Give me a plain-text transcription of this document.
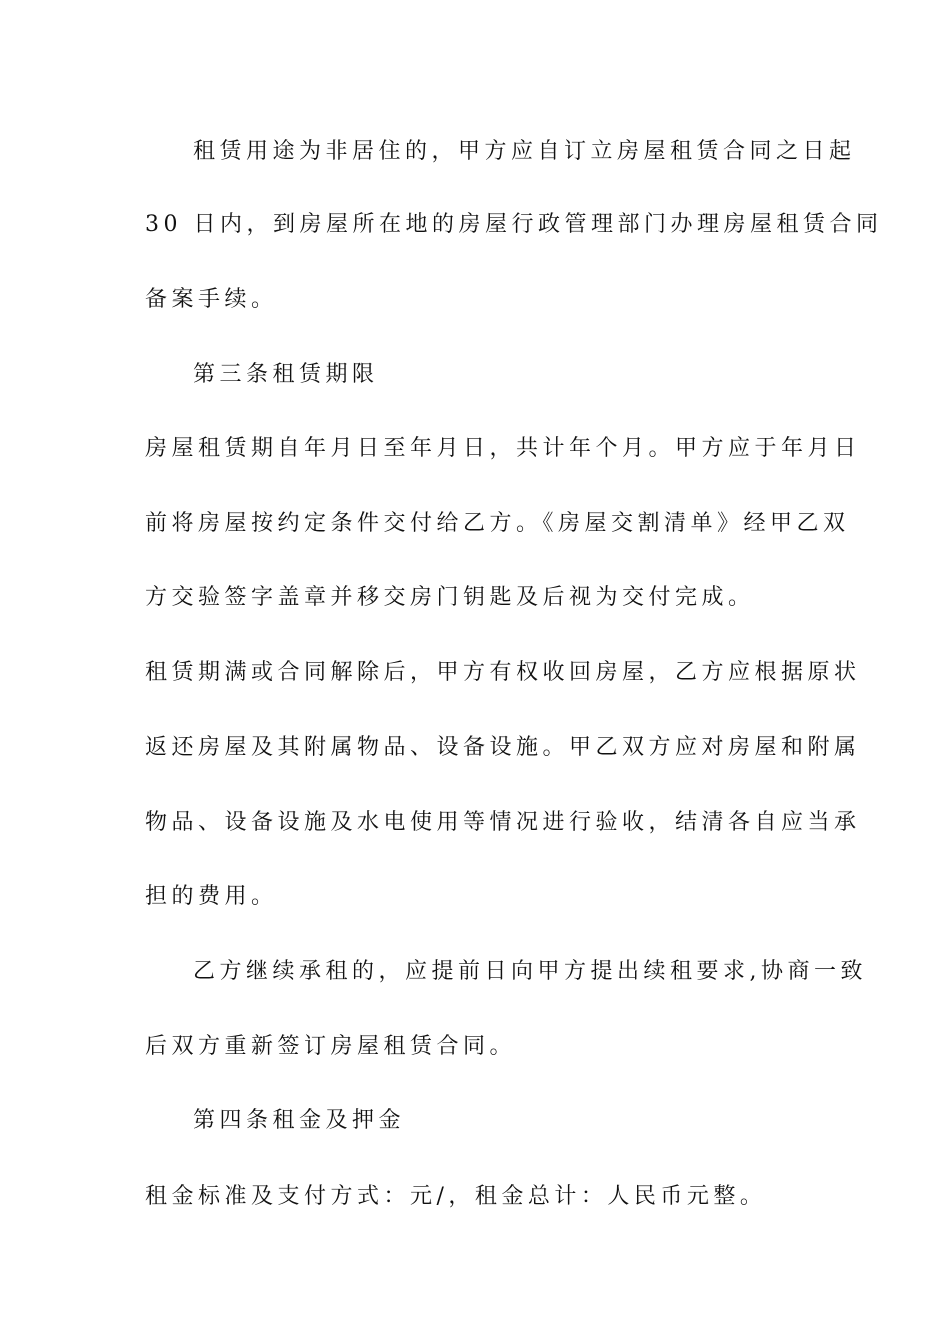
租赁用途为非居住的，甲方应自订立房屋租赁合同之日起
30 日内，到房屋所在地的房屋行政管理部门办理房屋租赁合同
备案手续。
第三条租赁期限
房屋租赁期自年月日至年月日，共计年个月。甲方应于年月日
前将房屋按约定条件交付给乙方。《房屋交割清单》经甲乙双
方交验签字盖章并移交房门钥匙及后视为交付完成。
租赁期满或合同解除后，甲方有权收回房屋，乙方应根据原状
返还房屋及其附属物品、设备设施。甲乙双方应对房屋和附属
物品、设备设施及水电使用等情况进行验收，结清各自应当承
担的费用。
乙方继续承租的，应提前日向甲方提出续租要求,协商一致
后双方重新签订房屋租赁合同。
第四条租金及押金
租金标准及支付方式：元/，租金总计：人民币元整。
